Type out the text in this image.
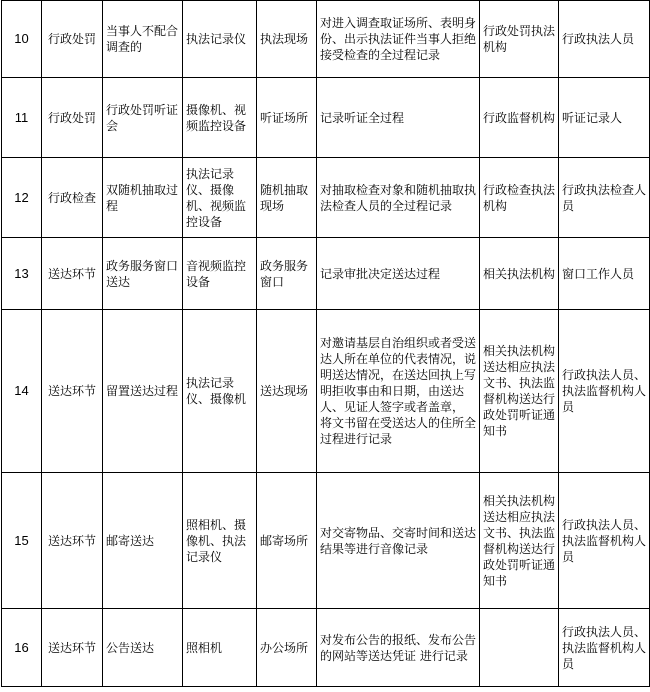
10	行政处罚	当事人不配合调查的	执法记录仪	执法现场	对进入调查取证场所、表明身份、出示执法证件当事人拒绝接受检查的全过程记录	行政处罚执法机构	行政执法人员
11	行政处罚	行政处罚听证会	摄像机、视频监控设备	听证场所	记录听证全过程	行政监督机构	听证记录人
12	行政检查	双随机抽取过程	执法记录仪、摄像机、视频监控设备	随机抽取现场	对抽取检查对象和随机抽取执法检查人员的全过程记录	行政检查执法机构	行政执法检查人员
13	送达环节	政务服务窗口送达	音视频监控设备	政务服务窗口	记录审批决定送达过程	相关执法机构	窗口工作人员
14	送达环节	留置送达过程	执法记录仪、摄像机	送达现场	对邀请基层自治组织或者受送达人所在单位的代表情况，说明送达情况，在送达回执上写明拒收事由和日期，由送达人、见证人签字或者盖章， 将文书留在受送达人的住所全过程进行记录	相关执法机构送达相应执法文书、执法监督机构送达行政处罚听证通知书	行政执法人员、执法监督机构人员
15	送达环节	邮寄送达	照相机、摄像机、执法记录仪	邮寄场所	对交寄物品、交寄时间和送达结果等进行音像记录	相关执法机构送达相应执法文书、执法监督机构送达行政处罚听证通知书	行政执法人员、执法监督机构人员
16	送达环节	公告送达	照相机	办公场所	对发布公告的报纸、发布公告的网站等送达凭证 进行记录		行政执法人员、执法监督机构人员
